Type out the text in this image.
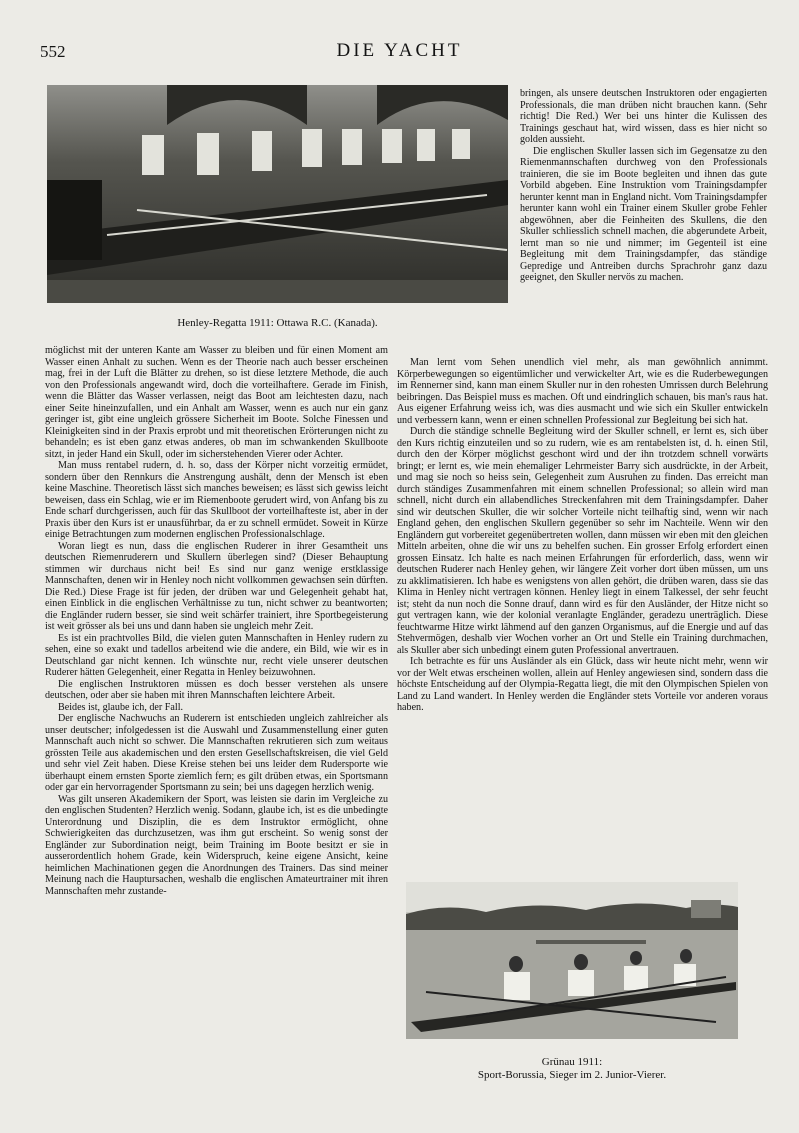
552	DIE YACHT
Henley-Regatta 1911: Ottawa R.C. (Kanada).

bringen, als unsere deutschen Instruktoren oder engagierten Professionals, die man drüben nicht brauchen kann. (Sehr richtig! Die Red.) Wer bei uns hinter die Kulissen des Trainings geschaut hat, wird wissen, dass es hier nicht so golden aussieht.

Die englischen Skuller lassen sich im Gegensatze zu den Riemenmannschaften durchweg von den Professionals trainieren, die sie im Boote begleiten und ihnen das gute Vorbild abgeben. Eine Instruktion vom Trainingsdampfer herunter kennt man in England nicht. Vom Trainingsdampfer herunter kann wohl ein Trainer einem Skuller grobe Fehler abgewöhnen, aber die Feinheiten des Skullens, die den Skuller schliesslich schnell machen, die abgerundete Arbeit, lernt man so nie und nimmer; im Gegenteil ist eine Begleitung mit dem Trainingsdampfer, das ständige Gepredige und Antreiben durchs Sprachrohr ganz dazu geeignet, den Skuller nervös zu machen.

möglichst mit der unteren Kante am Wasser zu bleiben und für einen Moment am Wasser einen Anhalt zu suchen. Wenn es der Theorie nach auch besser erscheinen mag, frei in der Luft die Blätter zu drehen, so ist diese letztere Methode, die auch von den Professionals angewandt wird, doch die vorteilhaftere. Gerade im Finish, wenn die Blätter das Wasser verlassen, neigt das Boot am leichtesten dazu, nach einer Seite hineinzufallen, und ein Anhalt am Wasser, wenn es auch nur ein ganz geringer ist, gibt eine ungleich grössere Sicherheit im Boote. Solche Finessen und Kleinigkeiten sind in der Praxis erprobt und mit theoretischen Erörterungen nicht zu behandeln; es ist eben ganz etwas anderes, ob man im schwankenden Skullboote sitzt, in jeder Hand ein Skull, oder im sicherstehenden Vierer oder Achter.

Man muss rentabel rudern, d. h. so, dass der Körper nicht vorzeitig ermüdet, sondern über den Rennkurs die Anstrengung aushält, denn der Mensch ist eben keine Maschine. Theoretisch lässt sich manches beweisen; es lässt sich gewiss leicht beweisen, dass ein Schlag, wie er im Riemenboote gerudert wird, von Anfang bis zu Ende scharf durchgerissen, auch für das Skullboot der vorteilhafteste ist, aber in der Praxis über den Kurs ist er unausführbar, da er zu schnell ermüdet. Soweit in Kürze einige Betrachtungen zum modernen englischen Professionalschlage.

Woran liegt es nun, dass die englischen Ruderer in ihrer Gesamtheit uns deutschen Riemenruderern und Skullern überlegen sind? (Dieser Behauptung stimmen wir durchaus nicht bei! Es sind nur ganz wenige erstklassige Mannschaften, denen wir in Henley noch nicht vollkommen gewachsen sein dürften. Die Red.) Diese Frage ist für jeden, der drüben war und Gelegenheit gehabt hat, einen Einblick in die englischen Verhältnisse zu tun, nicht schwer zu beantworten; die Engländer rudern besser, sie sind weit schärfer trainiert, ihre Sportbegeisterung ist weit grösser als bei uns und dann haben sie ungleich mehr Zeit.

Es ist ein prachtvolles Bild, die vielen guten Mannschaften in Henley rudern zu sehen, eine so exakt und tadellos arbeitend wie die andere, ein Bild, wie wir es in Deutschland gar nicht kennen. Ich wünschte nur, recht viele unserer deutschen Ruderer hätten Gelegenheit, einer Regatta in Henley beizuwohnen.

Die englischen Instruktoren müssen es doch besser verstehen als unsere deutschen, oder aber sie haben mit ihren Mannschaften leichtere Arbeit.

Beides ist, glaube ich, der Fall.

Der englische Nachwuchs an Ruderern ist entschieden ungleich zahlreicher als unser deutscher; infolgedessen ist die Auswahl und Zusammenstellung einer guten Mannschaft auch nicht so schwer. Die Mannschaften rekrutieren sich zum weitaus grössten Teile aus akademischen und den ersten Gesellschaftskreisen, die viel Geld und sehr viel Zeit haben. Diese Kreise stehen bei uns leider dem Rudersporte wie überhaupt einem ernsten Sporte ziemlich fern; es gilt drüben etwas, ein Sportsmann oder gar ein hervorragender Sportsmann zu sein; bei uns dagegen herzlich wenig.

Was gilt unseren Akademikern der Sport, was leisten sie darin im Vergleiche zu den englischen Studenten? Herzlich wenig. Sodann, glaube ich, ist es die unbedingte Unterordnung und Disziplin, die es dem Instruktor ermöglicht, ohne Schwierigkeiten das durchzusetzen, was ihm gut erscheint. So wenig sonst der Engländer zur Subordination neigt, beim Training im Boote besitzt er sie in ausserordentlich hohem Grade, kein Widerspruch, keine eigene Ansicht, keine heimlichen Machinationen gegen die Anordnungen des Trainers. Das sind meiner Meinung nach die Hauptursachen, weshalb die englischen Amateurtrainer mit ihren Mannschaften mehr zustande-

Man lernt vom Sehen unendlich viel mehr, als man gewöhnlich annimmt. Körperbewegungen so eigentümlicher und verwickelter Art, wie es die Ruderbewegungen im Rennerner sind, kann man einem Skuller nur in den rohesten Umrissen durch Belehrung beibringen. Das Beispiel muss es machen. Oft und eindringlich schauen, bis man's raus hat. Aus eigener Erfahrung weiss ich, was dies ausmacht und wie sich ein Skuller entwickeln und verbessern kann, wenn er einen schnellen Professional zur Begleitung bei sich hat.

Durch die ständige schnelle Begleitung wird der Skuller schnell, er lernt es, sich über den Kurs richtig einzuteilen und so zu rudern, wie es am rentabelsten ist, d. h. einen Stil, durch den der Körper möglichst geschont wird und der ihn trotzdem schnell vorwärts bringt; er lernt es, wie mein ehemaliger Lehrmeister Barry sich ausdrückte, in der Arbeit, und mag sie noch so heiss sein, Gelegenheit zum Ausruhen zu finden. Das erreicht man durch ständiges Zusammenfahren mit einem schnellen Professional; so allein wird man schnell, nicht durch ein allabendliches Streckenfahren mit dem Trainingsdampfer. Daher sind wir deutschen Skuller, die wir solcher Vorteile nicht teilhaftig sind, wenn wir nach England gehen, den englischen Skullern gegenüber so sehr im Nachteile. Wenn wir den Engländern gut vorbereitet gegenübertreten wollen, dann müssen wir eben mit den gleichen Mitteln arbeiten, ohne die wir uns zu behelfen suchen. Ein grosser Erfolg erfordert einen grossen Einsatz. Ich halte es nach meinen Erfahrungen für erforderlich, dass, wenn wir deutschen Ruderer nach Henley gehen, wir längere Zeit vorher dort üben müssen, um uns zu akklimatisieren. Ich habe es wenigstens von allen gehört, die drüben waren, dass sie das Klima in Henley nicht vertragen können. Henley liegt in einem Talkessel, der sehr feucht ist; steht da nun noch die Sonne drauf, dann wird es für den Ausländer, der Hitze nicht so gut vertragen kann, wie der kolonial veranlagte Engländer, geradezu unerträglich. Diese feuchtwarme Hitze wirkt lähmend auf den ganzen Organismus, auf die Energie und auf das Stehvermögen, deshalb vier Wochen vorher an Ort und Stelle ein Training durchmachen, als Skuller aber sich unbedingt einem guten Professional anvertrauen.

Ich betrachte es für uns Ausländer als ein Glück, dass wir heute nicht mehr, wenn wir vor der Welt etwas erscheinen wollen, allein auf Henley angewiesen sind, sondern dass die höchste Entscheidung auf der Olympia-Regatta liegt, die mit den Olympischen Spielen von Land zu Land wandert. In Henley werden die Engländer stets Vorteile vor anderen voraus haben.

Grünau 1911:
Sport-Borussia, Sieger im 2. Junior-Vierer.
